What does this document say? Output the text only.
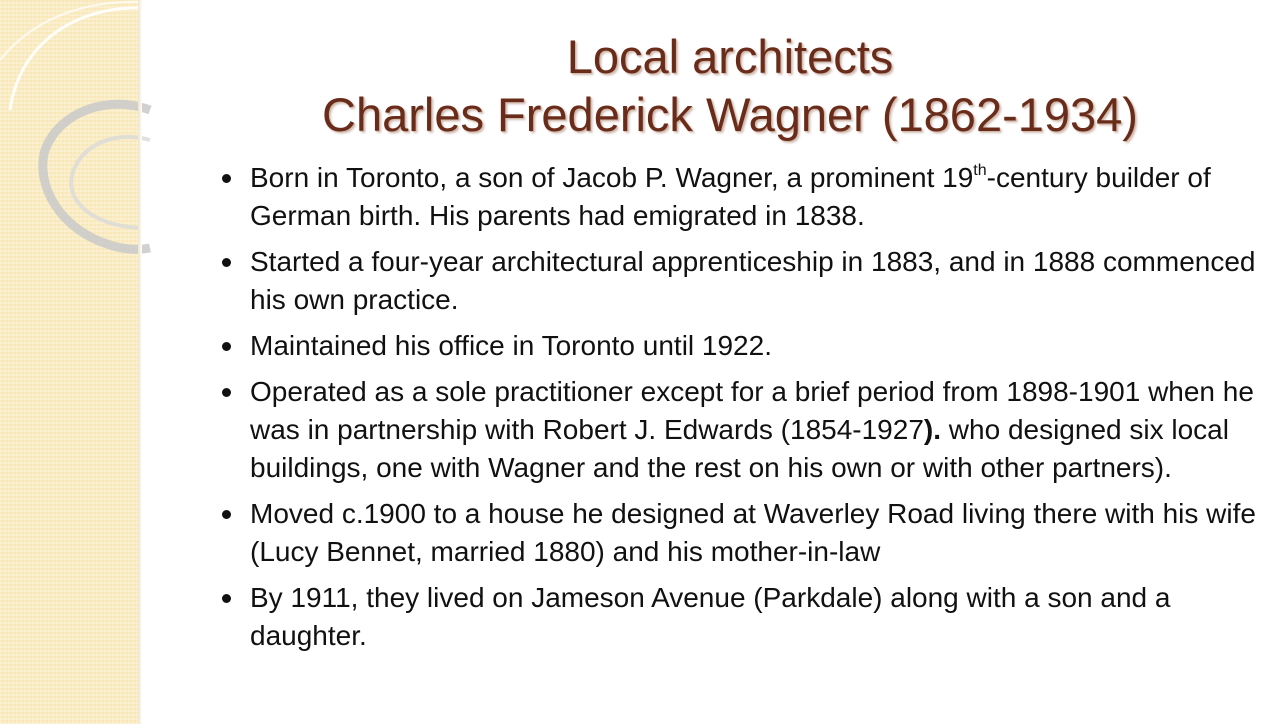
Local architects
Charles Frederick Wagner (1862-1934)
Born in Toronto, a son of Jacob P. Wagner, a prominent 19th-century builder of German birth. His parents had emigrated in 1838.
Started a four-year architectural apprenticeship in 1883, and in 1888 commenced his own practice.
Maintained his office in Toronto until 1922.
Operated as a sole practitioner except for a brief period from 1898-1901 when he was in partnership with Robert J. Edwards (1854-1927). who designed six local buildings, one with Wagner and the rest on his own or with other partners).
Moved c.1900 to a house he designed at Waverley Road living there with his wife (Lucy Bennet, married 1880) and his mother-in-law
By 1911, they lived on Jameson Avenue (Parkdale) along with a son and a daughter.
